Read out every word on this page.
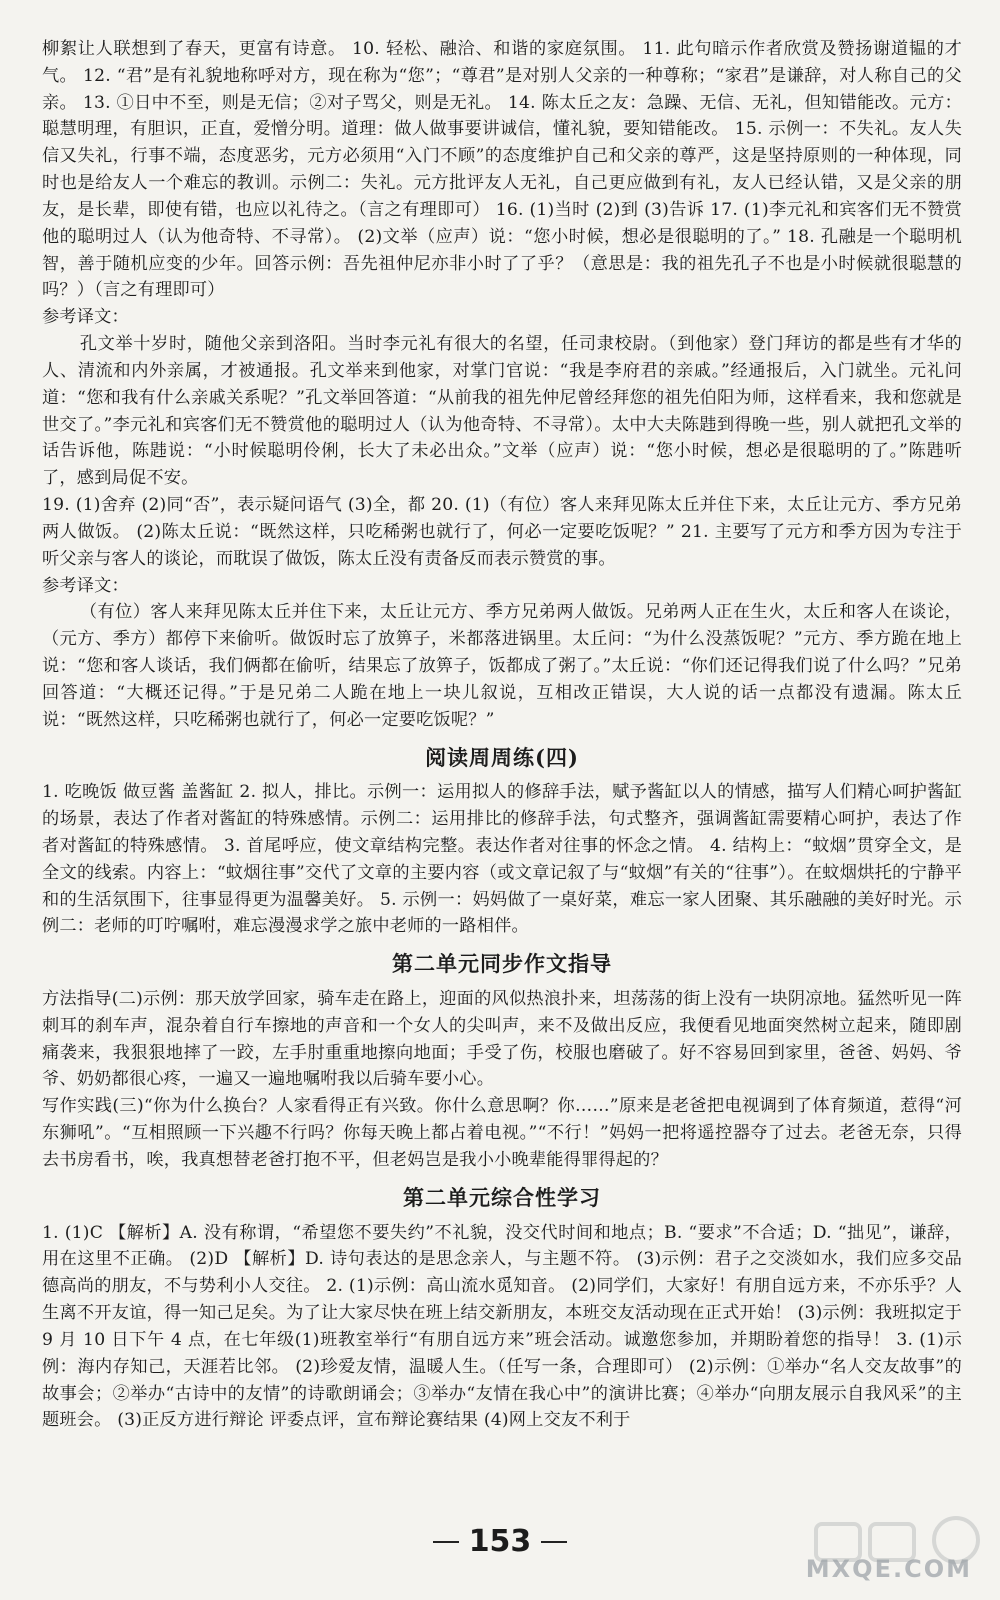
柳絮让人联想到了春天，更富有诗意。 10. 轻松、融洽、和谐的家庭氛围。 11. 此句暗示作者欣赏及赞扬谢道韫的才气。 12. “君”是有礼貌地称呼对方，现在称为“您”；“尊君”是对别人父亲的一种尊称；“家君”是谦辞，对人称自己的父亲。 13. ①日中不至，则是无信；②对子骂父，则是无礼。 14. 陈太丘之友：急躁、无信、无礼，但知错能改。元方：聪慧明理，有胆识，正直，爱憎分明。道理：做人做事要讲诚信，懂礼貌，要知错能改。 15. 示例一：不失礼。友人失信又失礼，行事不端，态度恶劣，元方必须用“入门不顾”的态度维护自己和父亲的尊严，这是坚持原则的一种体现，同时也是给友人一个难忘的教训。示例二：失礼。元方批评友人无礼，自己更应做到有礼，友人已经认错，又是父亲的朋友，是长辈，即使有错，也应以礼待之。（言之有理即可） 16. (1)当时 (2)到 (3)告诉 17. (1)李元礼和宾客们无不赞赏他的聪明过人（认为他奇特、不寻常）。 (2)文举（应声）说：“您小时候，想必是很聪明的了。” 18. 孔融是一个聪明机智，善于随机应变的少年。回答示例：吾先祖仲尼亦非小时了了乎？（意思是：我的祖先孔子不也是小时候就很聪慧的吗？）（言之有理即可）

参考译文：

孔文举十岁时，随他父亲到洛阳。当时李元礼有很大的名望，任司隶校尉。（到他家）登门拜访的都是些有才华的人、清流和内外亲属，才被通报。孔文举来到他家，对掌门官说：“我是李府君的亲戚。”经通报后，入门就坐。元礼问道：“您和我有什么亲戚关系呢？”孔文举回答道：“从前我的祖先仲尼曾经拜您的祖先伯阳为师，这样看来，我和您就是世交了。”李元礼和宾客们无不赞赏他的聪明过人（认为他奇特、不寻常）。太中大夫陈韪到得晚一些，别人就把孔文举的话告诉他，陈韪说：“小时候聪明伶俐，长大了未必出众。”文举（应声）说：“您小时候，想必是很聪明的了。”陈韪听了，感到局促不安。

19. (1)舍弃 (2)同“否”，表示疑问语气 (3)全，都 20. (1)（有位）客人来拜见陈太丘并住下来，太丘让元方、季方兄弟两人做饭。 (2)陈太丘说：“既然这样，只吃稀粥也就行了，何必一定要吃饭呢？” 21. 主要写了元方和季方因为专注于听父亲与客人的谈论，而耽误了做饭，陈太丘没有责备反而表示赞赏的事。

参考译文：

（有位）客人来拜见陈太丘并住下来，太丘让元方、季方兄弟两人做饭。兄弟两人正在生火，太丘和客人在谈论，（元方、季方）都停下来偷听。做饭时忘了放箅子，米都落进锅里。太丘问：“为什么没蒸饭呢？”元方、季方跪在地上说：“您和客人谈话，我们俩都在偷听，结果忘了放箅子，饭都成了粥了。”太丘说：“你们还记得我们说了什么吗？”兄弟回答道：“大概还记得。”于是兄弟二人跪在地上一块儿叙说，互相改正错误，大人说的话一点都没有遗漏。陈太丘说：“既然这样，只吃稀粥也就行了，何必一定要吃饭呢？”

阅读周周练(四)

1. 吃晚饭 做豆酱 盖酱缸 2. 拟人，排比。示例一：运用拟人的修辞手法，赋予酱缸以人的情感，描写人们精心呵护酱缸的场景，表达了作者对酱缸的特殊感情。示例二：运用排比的修辞手法，句式整齐，强调酱缸需要精心呵护，表达了作者对酱缸的特殊感情。 3. 首尾呼应，使文章结构完整。表达作者对往事的怀念之情。 4. 结构上：“蚊烟”贯穿全文，是全文的线索。内容上：“蚊烟往事”交代了文章的主要内容（或文章记叙了与“蚊烟”有关的“往事”）。在蚊烟烘托的宁静平和的生活氛围下，往事显得更为温馨美好。 5. 示例一：妈妈做了一桌好菜，难忘一家人团聚、其乐融融的美好时光。示例二：老师的叮咛嘱咐，难忘漫漫求学之旅中老师的一路相伴。

第二单元同步作文指导

方法指导(二)示例：那天放学回家，骑车走在路上，迎面的风似热浪扑来，坦荡荡的街上没有一块阴凉地。猛然听见一阵刺耳的刹车声，混杂着自行车擦地的声音和一个女人的尖叫声，来不及做出反应，我便看见地面突然树立起来，随即剧痛袭来，我狠狠地摔了一跤，左手肘重重地擦向地面；手受了伤，校服也磨破了。好不容易回到家里，爸爸、妈妈、爷爷、奶奶都很心疼，一遍又一遍地嘱咐我以后骑车要小心。

写作实践(三)“你为什么换台？人家看得正有兴致。你什么意思啊？你……”原来是老爸把电视调到了体育频道，惹得“河东狮吼”。“互相照顾一下兴趣不行吗？你每天晚上都占着电视。”“不行！”妈妈一把将遥控器夺了过去。老爸无奈，只得去书房看书，唉，我真想替老爸打抱不平，但老妈岂是我小小晚辈能得罪得起的？

第二单元综合性学习

1. (1)C 【解析】A. 没有称谓，“希望您不要失约”不礼貌，没交代时间和地点；B. “要求”不合适；D. “拙见”，谦辞，用在这里不正确。 (2)D 【解析】D. 诗句表达的是思念亲人，与主题不符。 (3)示例：君子之交淡如水，我们应多交品德高尚的朋友，不与势利小人交往。 2. (1)示例：高山流水觅知音。 (2)同学们，大家好！有朋自远方来，不亦乐乎？人生离不开友谊，得一知己足矣。为了让大家尽快在班上结交新朋友，本班交友活动现在正式开始！ (3)示例：我班拟定于 9 月 10 日下午 4 点，在七年级(1)班教室举行“有朋自远方来”班会活动。诚邀您参加，并期盼着您的指导！ 3. (1)示例：海内存知己，天涯若比邻。 (2)珍爱友情，温暖人生。（任写一条，合理即可） (2)示例：①举办“名人交友故事”的故事会；②举办“古诗中的友情”的诗歌朗诵会；③举办“友情在我心中”的演讲比赛；④举办“向朋友展示自我风采”的主题班会。 (3)正反方进行辩论 评委点评，宣布辩论赛结果 (4)网上交友不利于

153
MXQE.COM
